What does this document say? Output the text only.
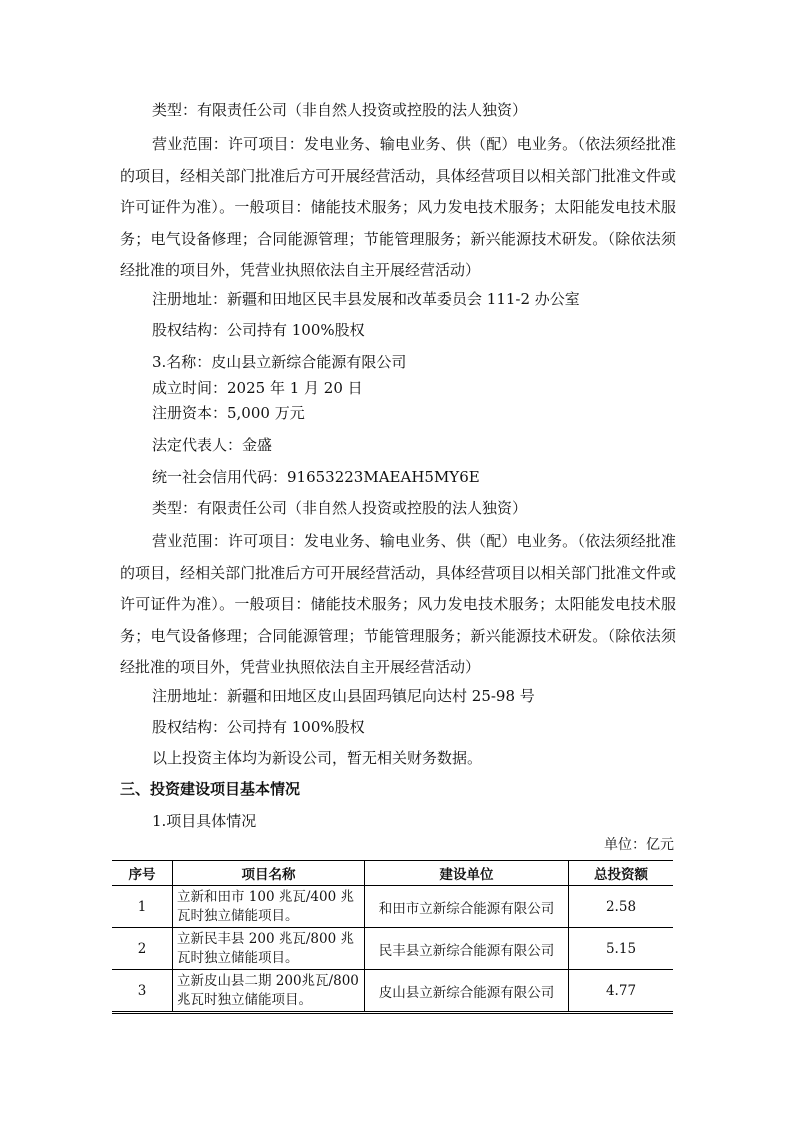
类型：有限责任公司（非自然人投资或控股的法人独资）
营业范围：许可项目：发电业务、输电业务、供（配）电业务。（依法须经批准的项目，经相关部门批准后方可开展经营活动，具体经营项目以相关部门批准文件或许可证件为准）。一般项目：储能技术服务；风力发电技术服务；太阳能发电技术服务；电气设备修理；合同能源管理；节能管理服务；新兴能源技术研发。（除依法须经批准的项目外，凭营业执照依法自主开展经营活动）
注册地址：新疆和田地区民丰县发展和改革委员会 111-2 办公室
股权结构：公司持有 100%股权
3.名称：皮山县立新综合能源有限公司
成立时间：2025 年 1 月 20 日
注册资本：5,000 万元
法定代表人：金盛
统一社会信用代码：91653223MAEAH5MY6E
类型：有限责任公司（非自然人投资或控股的法人独资）
营业范围：许可项目：发电业务、输电业务、供（配）电业务。（依法须经批准的项目，经相关部门批准后方可开展经营活动，具体经营项目以相关部门批准文件或许可证件为准）。一般项目：储能技术服务；风力发电技术服务；太阳能发电技术服务；电气设备修理；合同能源管理；节能管理服务；新兴能源技术研发。（除依法须经批准的项目外，凭营业执照依法自主开展经营活动）
注册地址：新疆和田地区皮山县固玛镇尼向达村 25-98 号
股权结构：公司持有 100%股权
以上投资主体均为新设公司，暂无相关财务数据。
三、投资建设项目基本情况
1.项目具体情况
单位：亿元
序号	项目名称	建设单位	总投资额
1	立新和田市 100 兆瓦/400 兆
瓦时独立储能项目。	和田市立新综合能源有限公司	2.58
2	立新民丰县 200 兆瓦/800 兆
瓦时独立储能项目。	民丰县立新综合能源有限公司	5.15
3	立新皮山县二期 200兆瓦/800
兆瓦时独立储能项目。	皮山县立新综合能源有限公司	4.77
